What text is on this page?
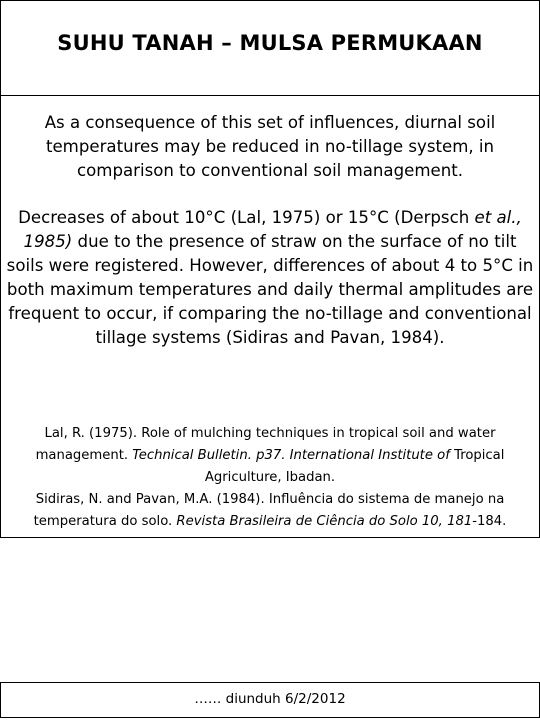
SUHU TANAH – MULSA PERMUKAAN

As a consequence of this set of influences, diurnal soil temperatures may be reduced in no-tillage system, in comparison to conventional soil management.

Decreases of about 10°C (Lal, 1975) or 15°C (Derpsch et al., 1985) due to the presence of straw on the surface of no tilt soils were registered. However, differences of about 4 to 5°C in both maximum temperatures and daily thermal amplitudes are frequent to occur, if comparing the no-tillage and conventional tillage systems (Sidiras and Pavan, 1984).

Lal, R. (1975). Role of mulching techniques in tropical soil and water management. Technical Bulletin. p37. International Institute of Tropical Agriculture, Ibadan.
Sidiras, N. and Pavan, M.A. (1984). Influência do sistema de manejo na temperatura do solo. Revista Brasileira de Ciência do Solo 10, 181-184.

…… diunduh 6/2/2012
